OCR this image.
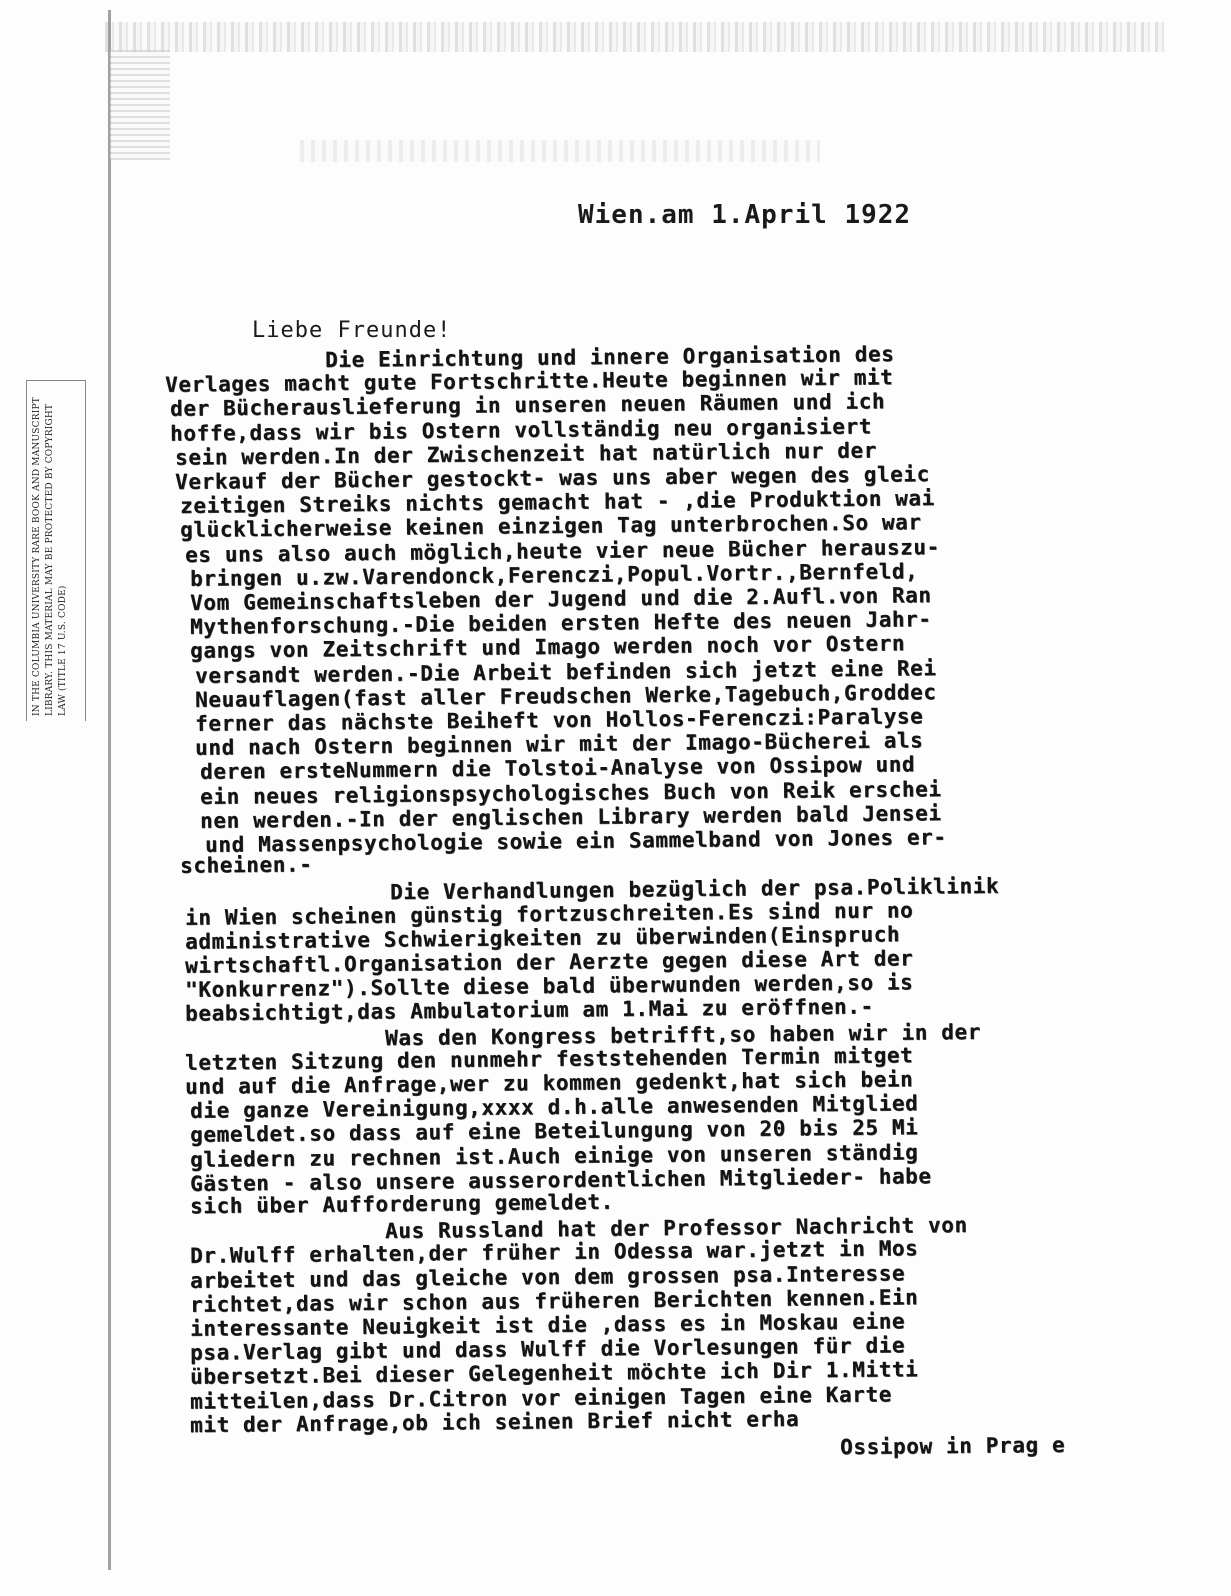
IN THE COLUMBIA UNIVERSITY RARE BOOK AND MANUSCRIPT LIBRARY. THIS MATERIAL MAY BE PROTECTED BY COPYRIGHT LAW (TITLE 17 U.S. CODE)
Wien.am 1.April 1922
Liebe Freunde!
Die Einrichtung und innere Organisation des
Verlages macht gute Fortschritte.Heute beginnen wir mit
der Bücherauslieferung in unseren neuen Räumen und ich
hoffe,dass wir bis Ostern vollständig neu organisiert
sein werden.In der Zwischenzeit hat natürlich nur der
Verkauf der Bücher gestockt- was uns aber wegen des gleic
zeitigen Streiks nichts gemacht hat - ,die Produktion wai
glücklicherweise keinen einzigen Tag unterbrochen.So war
es uns also auch möglich,heute vier neue Bücher herauszu-
bringen u.zw.Varendonck,Ferenczi,Popul.Vortr.,Bernfeld,
Vom Gemeinschaftsleben der Jugend und die 2.Aufl.von Ran
Mythenforschung.-Die beiden ersten Hefte des neuen Jahr-
gangs von Zeitschrift und Imago werden noch vor Ostern
versandt werden.-Die Arbeit befinden sich jetzt eine Rei
Neuauflagen(fast aller Freudschen Werke,Tagebuch,Groddec
ferner das nächste Beiheft von Hollos-Ferenczi:Paralyse
und nach Ostern beginnen wir mit der Imago-Bücherei als
deren ersteNummern die Tolstoi-Analyse von Ossipow und
ein neues religionspsychologisches Buch von Reik erschei
nen werden.-In der englischen Library werden bald Jensei
und Massenpsychologie sowie ein Sammelband von Jones er-
scheinen.-
Die Verhandlungen bezüglich der psa.Poliklinik
in Wien scheinen günstig fortzuschreiten.Es sind nur no
administrative Schwierigkeiten zu überwinden(Einspruch
wirtschaftl.Organisation der Aerzte gegen diese Art der
"Konkurrenz").Sollte diese bald überwunden werden,so is
beabsichtigt,das Ambulatorium am 1.Mai zu eröffnen.-
Was den Kongress betrifft,so haben wir in der
letzten Sitzung den nunmehr feststehenden Termin mitget
und auf die Anfrage,wer zu kommen gedenkt,hat sich bein
die ganze Vereinigung,xxxx d.h.alle anwesenden Mitglied
gemeldet.so dass auf eine Beteilungung von 20 bis 25 Mi
gliedern zu rechnen ist.Auch einige von unseren ständig
Gästen - also unsere ausserordentlichen Mitglieder- habe
sich über Aufforderung gemeldet.
Aus Russland hat der Professor Nachricht von
Dr.Wulff erhalten,der früher in Odessa war.jetzt in Mos
arbeitet und das gleiche von dem grossen psa.Interesse
richtet,das wir schon aus früheren Berichten kennen.Ein
interessante Neuigkeit ist die ,dass es in Moskau eine
psa.Verlag gibt und dass Wulff die Vorlesungen für die
übersetzt.Bei dieser Gelegenheit möchte ich Dir 1.Mitti
mitteilen,dass Dr.Citron vor einigen Tagen eine Karte
mit der Anfrage,ob ich seinen Brief nicht erha
Ossipow in Prag e
